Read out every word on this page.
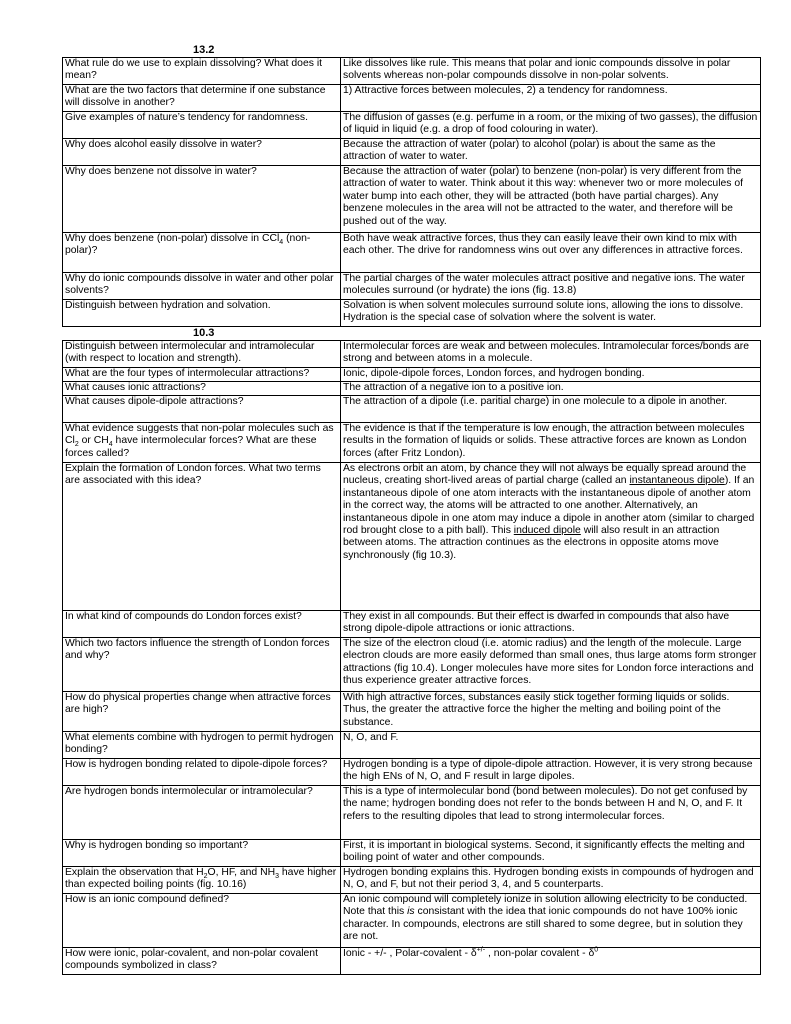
13.2
What rule do we use to explain dissolving? What does it mean?	Like dissolves like rule. This means that polar and ionic compounds dissolve in polar solvents whereas non-polar compounds dissolve in non-polar solvents.
What are the two factors that determine if one substance will dissolve in another?	1) Attractive forces between molecules, 2) a tendency for randomness.
Give examples of nature’s tendency for randomness.	The diffusion of gasses (e.g. perfume in a room, or the mixing of two gasses), the diffusion of liquid in liquid (e.g. a drop of food colouring in water).
Why does alcohol easily dissolve in water?	Because the attraction of water (polar) to alcohol (polar) is about the same as the attraction of water to water.
Why does benzene not dissolve in water?	Because the attraction of water (polar) to benzene (non-polar) is very different from the attraction of water to water. Think about it this way: whenever two or more molecules of water bump into each other, they will be attracted (both have partial charges). Any benzene molecules in the area will not be attracted to the water, and therefore will be pushed out of the way.
Why does benzene (non-polar) dissolve in CCl$_4$ (non-polar)?	Both have weak attractive forces, thus they can easily leave their own kind to mix with each other. The drive for randomness wins out over any differences in attractive forces.
Why do ionic compounds dissolve in water and other polar solvents?	The partial charges of the water molecules attract positive and negative ions. The water molecules surround (or hydrate) the ions (fig. 13.8)
Distinguish between hydration and solvation.	Solvation is when solvent molecules surround solute ions, allowing the ions to dissolve. Hydration is the special case of solvation where the solvent is water.
10.3
Distinguish between intermolecular and intramolecular (with respect to location and strength).	Intermolecular forces are weak and between molecules. Intramolecular forces/bonds are strong and between atoms in a molecule.
What are the four types of intermolecular attractions?	Ionic, dipole-dipole forces, London forces, and hydrogen bonding.
What causes ionic attractions?	The attraction of a negative ion to a positive ion.
What causes dipole-dipole attractions?	The attraction of a dipole (i.e. paritial charge) in one molecule to a dipole in another.
What evidence suggests that non-polar molecules such as $Cl_2$ or $CH_4$ have intermolecular forces? What are these forces called?	The evidence is that if the temperature is low enough, the attraction between molecules results in the formation of liquids or solids. These attractive forces are known as London forces (after Fritz London).
Explain the formation of London forces. What two terms are associated with this idea?	As electrons orbit an atom, by chance they will not always be equally spread around the nucleus, creating short-lived areas of partial charge (called an instantaneous dipole). If an instantaneous dipole of one atom interacts with the instantaneous dipole of another atom in the correct way, the atoms will be attracted to one another. Alternatively, an instantaneous dipole in one atom may induce a dipole in another atom (similar to charged rod brought close to a pith ball). This induced dipole will also result in an attraction between atoms. The attraction continues as the electrons in opposite atoms move synchronously (fig 10.3).
In what kind of compounds do London forces exist?	They exist in all compounds. But their effect is dwarfed in compounds that also have strong dipole-dipole attractions or ionic attractions.
Which two factors influence the strength of London forces and why?	The size of the electron cloud (i.e. atomic radius) and the length of the molecule. Large electron clouds are more easily deformed than small ones, thus large atoms form stronger attractions (fig 10.4). Longer molecules have more sites for London force interactions and thus experience greater attractive forces.
How do physical properties change when attractive forces are high?	With high attractive forces, substances easily stick together forming liquids or solids. Thus, the greater the attractive force the higher the melting and boiling point of the substance.
What elements combine with hydrogen to permit hydrogen bonding?	N, O, and F.
How is hydrogen bonding related to dipole-dipole forces?	Hydrogen bonding is a type of dipole-dipole attraction. However, it is very strong because the high ENs of N, O, and F result in large dipoles.
Are hydrogen bonds intermolecular or intramolecular?	This is a type of intermolecular bond (bond between molecules). Do not get confused by the name; hydrogen bonding does not refer to the bonds between H and N, O, and F. It refers to the resulting dipoles that lead to strong intermolecular forces.
Why is hydrogen bonding so important?	First, it is important in biological systems. Second, it significantly effects the melting and boiling point of water and other compounds.
Explain the observation that $H_2O$, HF, and $NH_3$ have higher than expected boiling points (fig. 10.16)	Hydrogen bonding explains this. Hydrogen bonding exists in compounds of hydrogen and N, O, and F, but not their period 3, 4, and 5 counterparts.
How is an ionic compound defined?	An ionic compound will completely ionize in solution allowing electricity to be conducted. Note that this is consistant with the idea that ionic compounds do not have 100% ionic character. In compounds, electrons are still shared to some degree, but in solution they are not.
How were ionic, polar-covalent, and non-polar covalent compounds symbolized in class?	Ionic - +/- , Polar-covalent - δ+/- , non-polar covalent - $\delta^0$
